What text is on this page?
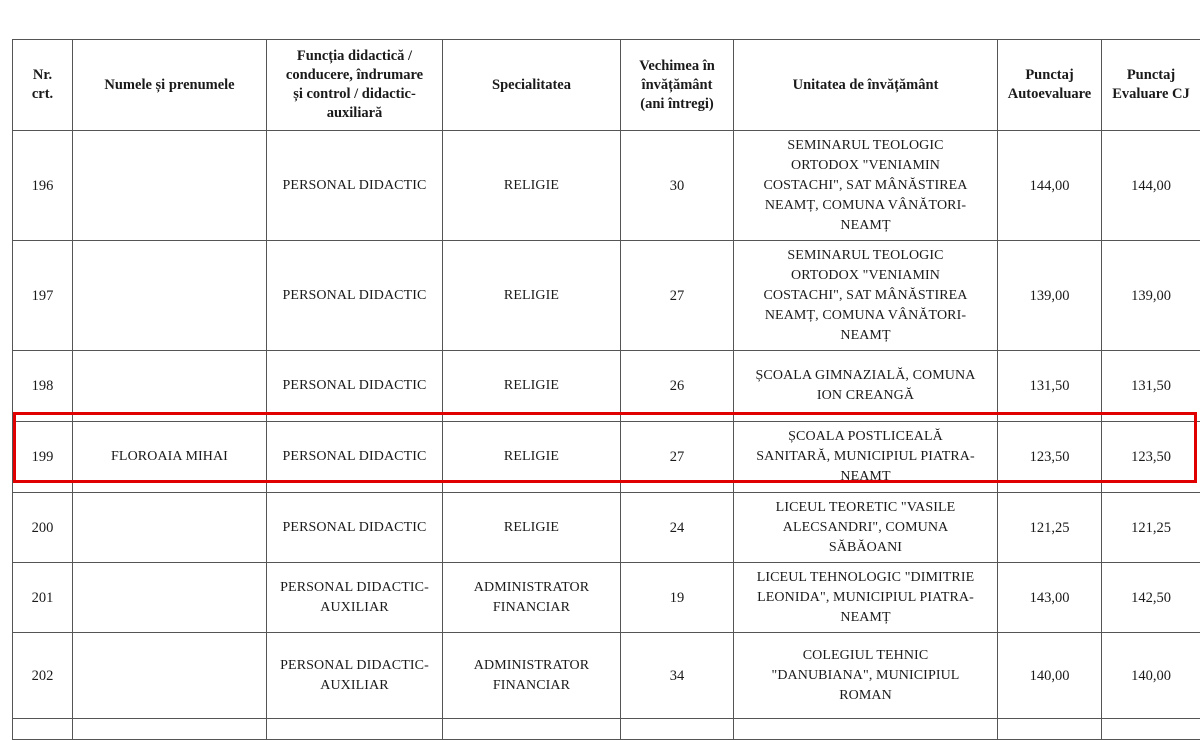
Nr.
crt.	Numele și prenumele	Funcția didactică /
conducere, îndrumare
și control / didactic-
auxiliară	Specialitatea	Vechimea în
învățământ
(ani întregi)	Unitatea de învățământ	Punctaj
Autoevaluare	Punctaj
Evaluare CJ
196		PERSONAL DIDACTIC	RELIGIE	30	SEMINARUL TEOLOGIC
ORTODOX "VENIAMIN
COSTACHI", SAT MÂNĂSTIREA
NEAMȚ, COMUNA VÂNĂTORI-
NEAMȚ	144,00	144,00
197		PERSONAL DIDACTIC	RELIGIE	27	SEMINARUL TEOLOGIC
ORTODOX "VENIAMIN
COSTACHI", SAT MÂNĂSTIREA
NEAMȚ, COMUNA VÂNĂTORI-
NEAMȚ	139,00	139,00
198		PERSONAL DIDACTIC	RELIGIE	26	ȘCOALA GIMNAZIALĂ, COMUNA
ION CREANGĂ	131,50	131,50
199	FLOROAIA MIHAI	PERSONAL DIDACTIC	RELIGIE	27	ȘCOALA POSTLICEALĂ
SANITARĂ, MUNICIPIUL PIATRA-
NEAMȚ	123,50	123,50
200		PERSONAL DIDACTIC	RELIGIE	24	LICEUL TEORETIC "VASILE
ALECSANDRI", COMUNA
SĂBĂOANI	121,25	121,25
201		PERSONAL DIDACTIC-
AUXILIAR	ADMINISTRATOR
FINANCIAR	19	LICEUL TEHNOLOGIC "DIMITRIE
LEONIDA", MUNICIPIUL PIATRA-
NEAMȚ	143,00	142,50
202		PERSONAL DIDACTIC-
AUXILIAR	ADMINISTRATOR
FINANCIAR	34	COLEGIUL TEHNIC
"DANUBIANA", MUNICIPIUL
ROMAN	140,00	140,00
